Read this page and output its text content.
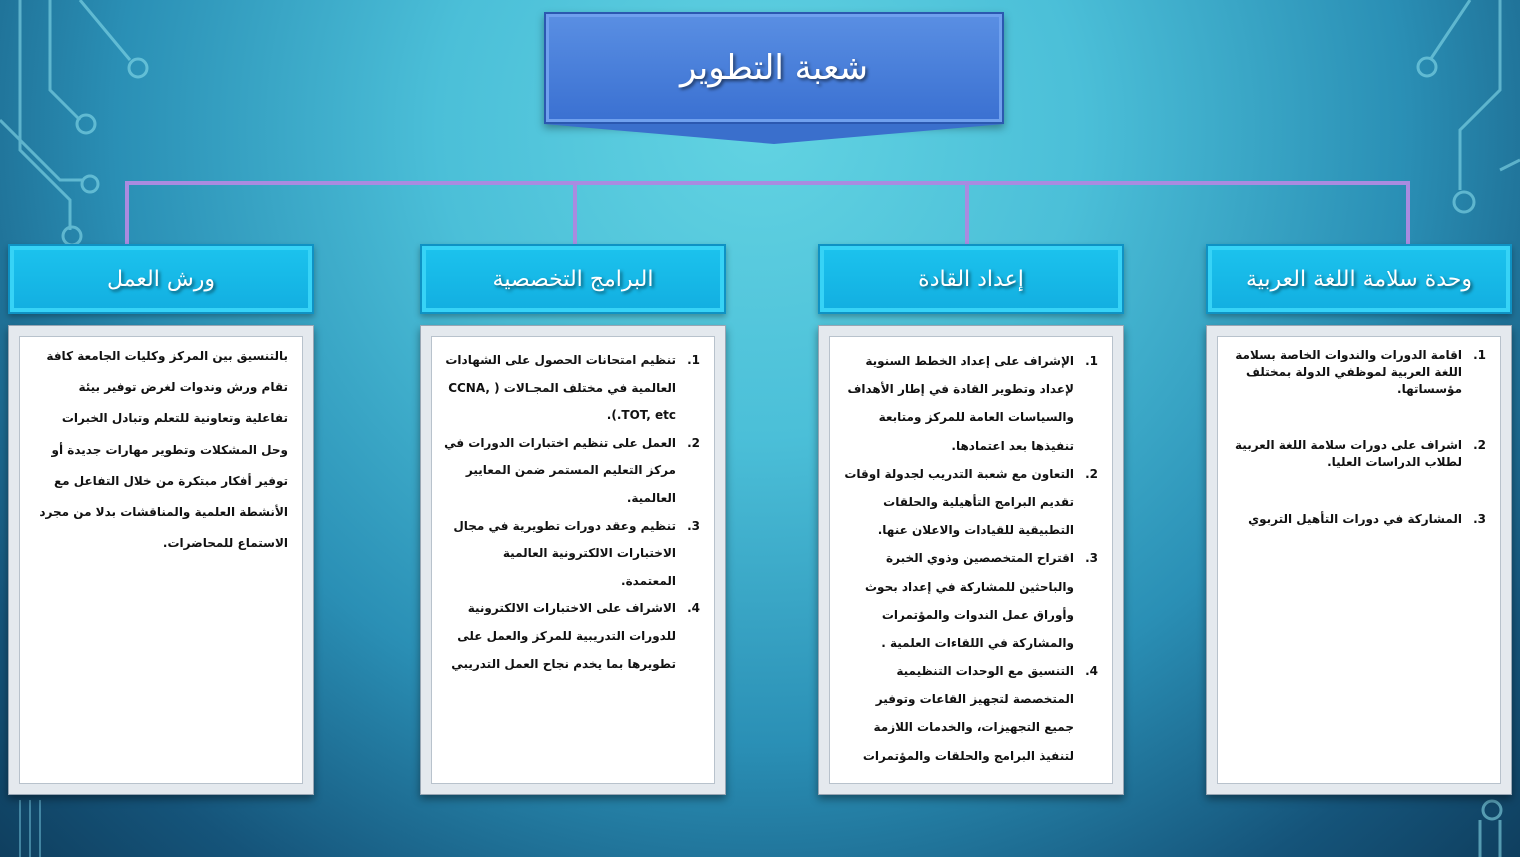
شعبة التطوير
وحدة سلامة اللغة العربية
إعداد القادة
البرامج التخصصية
ورش العمل
1.
اقامة الدورات والندوات الخاصة بسلامة اللغة العربية لموظفي الدولة بمختلف مؤسساتها.
2.
اشراف على دورات سلامة اللغة العربية لطلاب الدراسات العليا.
3.
المشاركة في دورات التأهيل التربوي
1.
الإشراف على إعداد الخطط السنوية لإعداد وتطوير القادة في إطار الأهداف والسياسات العامة للمركز ومتابعة تنفيذها بعد اعتمادها.
2.
التعاون مع شعبة التدريب لجدولة اوقات تقديم البرامج التأهيلية والحلقات التطبيقية للقيادات والاعلان عنها.
3.
اقتراح المتخصصين وذوي الخبرة والباحثين للمشاركة في إعداد بحوث وأوراق عمل الندوات والمؤتمرات والمشاركة في اللقاءات العلمية .
4.
التنسيق مع الوحدات التنظيمية المتخصصة لتجهيز القاعات وتوفير جميع التجهيزات، والخدمات اللازمة لتنفيذ البرامج والحلقات والمؤتمرات
1.
تنظيم امتحانات الحصول على الشهادات العالمية في مختلف المجـالات ( CCNA, TOT, etc.).
2.
العمل على تنظيم اختبارات الدورات في مركز التعليم المستمر ضمن المعايير العالمية.
3.
تنظيم وعقد دورات تطويرية في مجال الاختبارات الالكترونية العالمية المعتمدة.
4.
الاشراف على الاختبارات الالكترونية للدورات التدريبية للمركز والعمل على تطويرها بما يخدم نجاح العمل التدريبي

بالتنسيق بين المركز وكليات الجامعة كافة تقام ورش وندوات لغرض توفير بيئة تفاعلية وتعاونية للتعلم وتبادل الخبرات وحل المشكلات وتطوير مهارات جديدة أو توفير أفكار مبتكرة من خلال التفاعل مع الأنشطة العلمية والمناقشات بدلا من مجرد الاستماع للمحاضرات.
